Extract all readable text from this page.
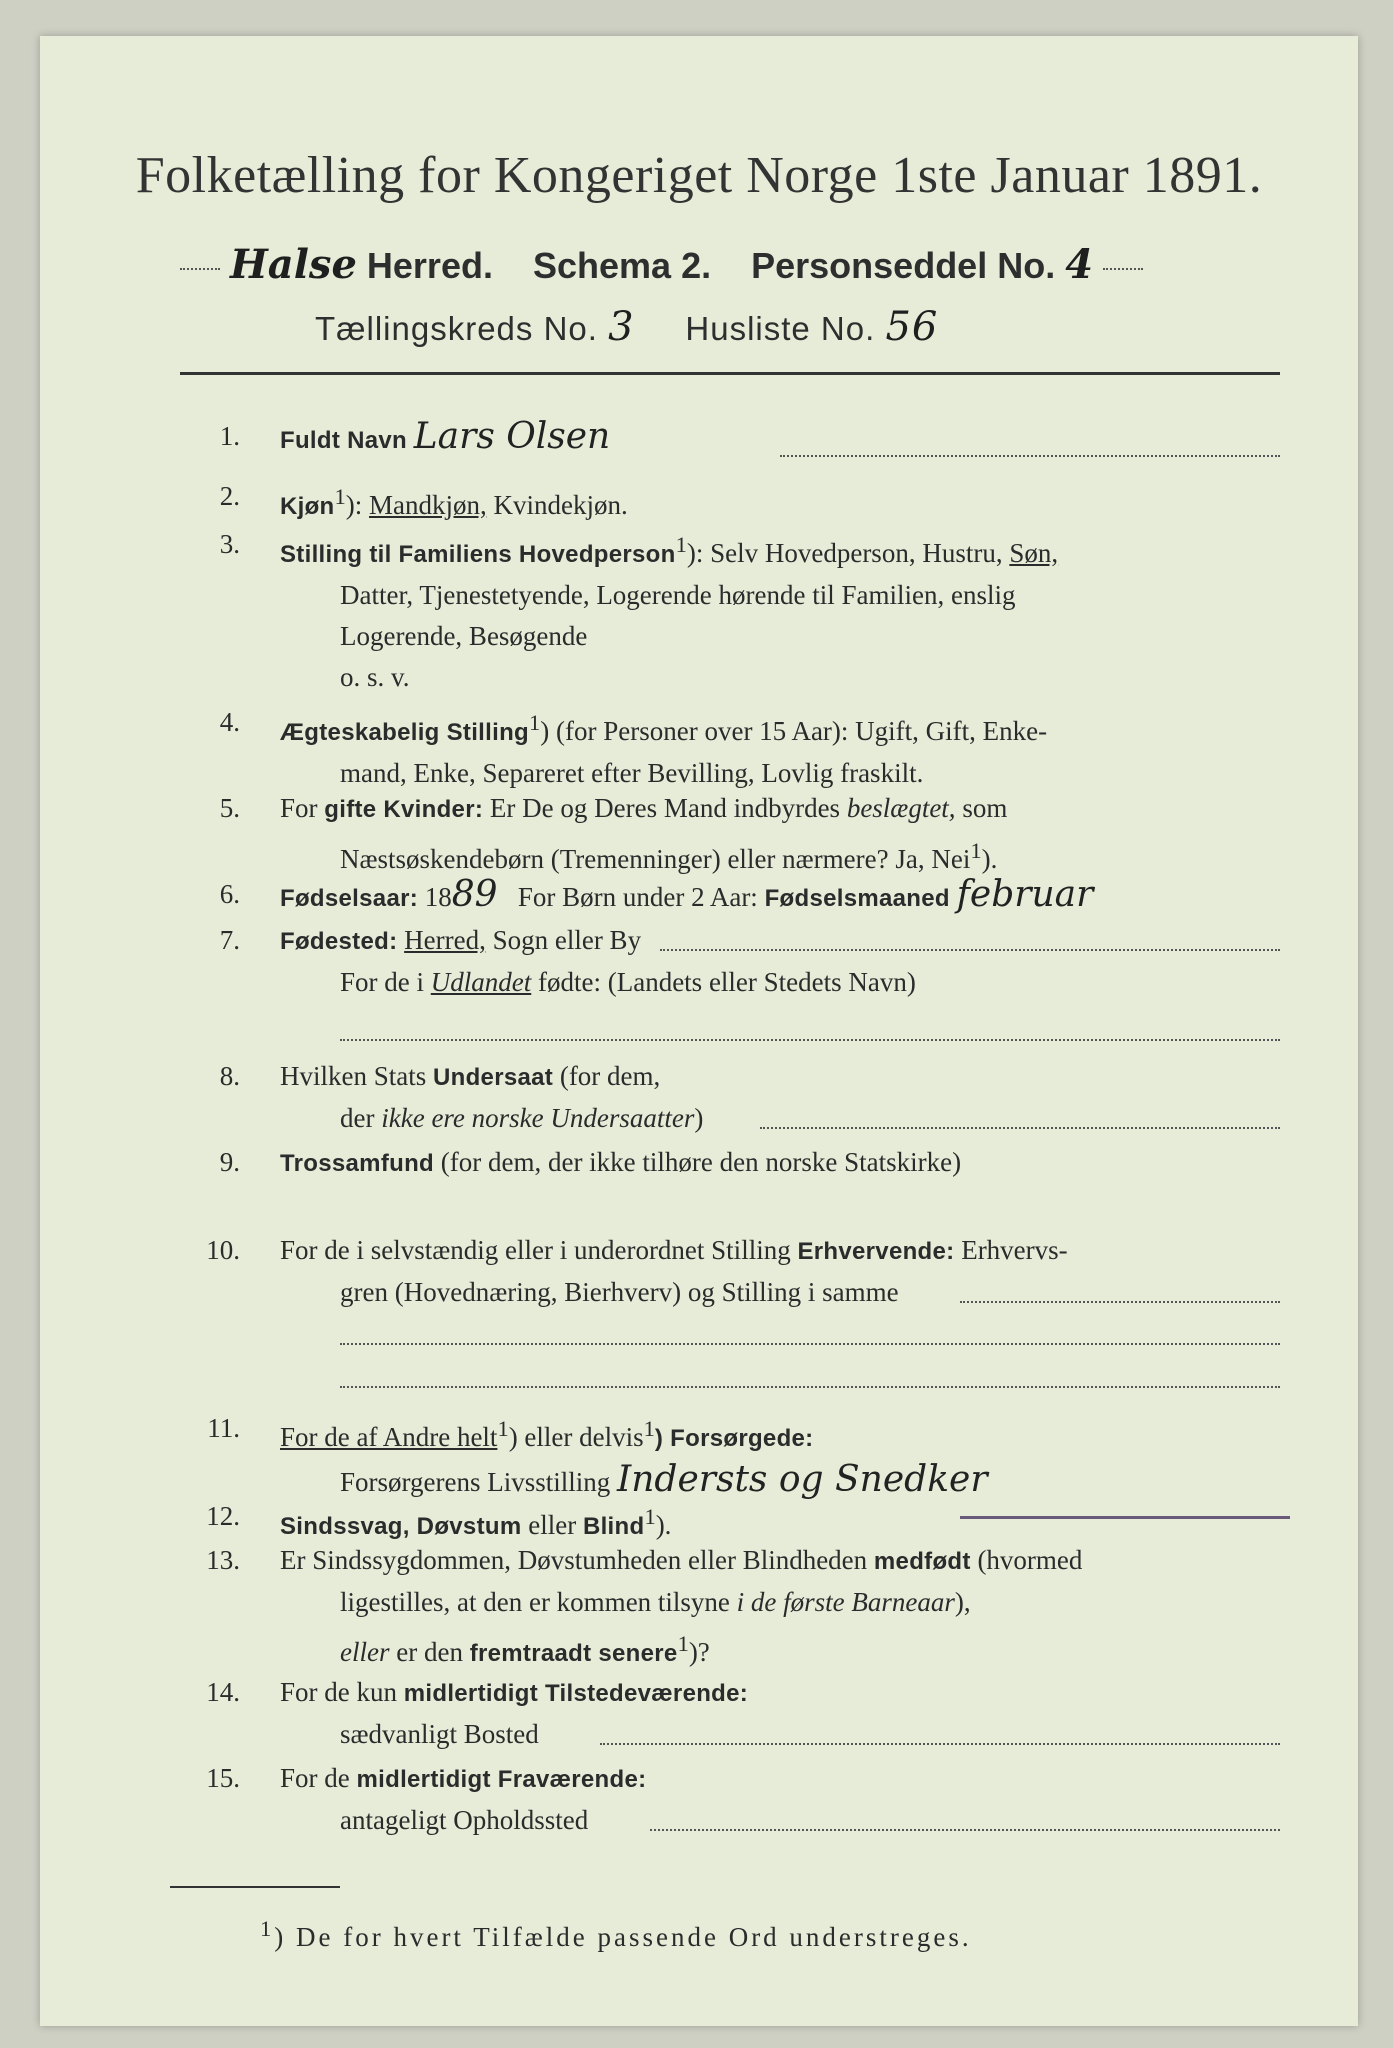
Folketælling for Kongeriget Norge 1ste Januar 1891.
Halse Herred. Schema 2. Personseddel No. 4
Tællingskreds No. 3 Husliste No. 56
1. Fuldt Navn Lars Olsen
2. Kjøn$^1$): Mandkjøn, Kvindekjøn.
3. Stilling til Familiens Hovedperson$^1$): Selv Hovedperson, Hustru, Søn,
Datter, Tjenestetyende, Logerende hørende til Familien, enslig
Logerende, Besøgende
o. s. v.
4. Ægteskabelig Stilling$^1$) (for Personer over 15 Aar): Ugift, Gift, Enke-
mand, Enke, Separeret efter Bevilling, Lovlig fraskilt.
5. For gifte Kvinder: Er De og Deres Mand indbyrdes beslægtet, som
Næstsøskendebørn (Tremenninger) eller nærmere? Ja, Nei$^1$).
6. Fødselsaar: 1889 For Børn under 2 Aar: Fødselsmaaned februar
7. Fødested: Herred, Sogn eller By
For de i Udlandet fødte: (Landets eller Stedets Navn)
8. Hvilken Stats Undersaat (for dem,
der ikke ere norske Undersaatter)
9. Trossamfund (for dem, der ikke tilhøre den norske Statskirke)
10. For de i selvstændig eller i underordnet Stilling Erhvervende: Erhvervs-
gren (Hovednæring, Bierhverv) og Stilling i samme
11. For de af Andre helt$^1$) eller delvis$^1$) Forsørgede:
Forsørgerens Livsstilling Indersts og Snedker
12. Sindssvag, Døvstum eller Blind$^1$).
13. Er Sindssygdommen, Døvstumheden eller Blindheden medfødt (hvormed
ligestilles, at den er kommen tilsyne i de første Barneaar),
eller er den fremtraadt senere$^1$)?
14. For de kun midlertidigt Tilstedeværende:
sædvanligt Bosted
15. For de midlertidigt Fraværende:
antageligt Opholdssted
$^1$) De for hvert Tilfælde passende Ord understreges.
